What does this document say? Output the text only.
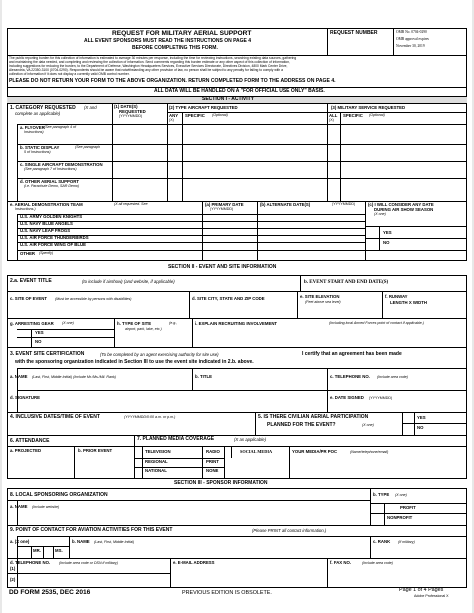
REQUEST FOR MILITARY AERIAL SUPPORT
ALL EVENT SPONSORS MUST READ THE INSTRUCTIONS ON PAGE 4
BEFORE COMPLETING THIS FORM.
REQUEST NUMBER	OMB No. 0704-0290
OMB approval expires
November 30, 2019
The public reporting burden for this collection of information is estimated to average 30 minutes per response, including the time for reviewing instructions, searching existing data sources, gathering
and maintaining the data needed, and completing and reviewing the collection of information. Send comments regarding this burden estimate or any other aspect of this collection of information,
including suggestions for reducing the burden, to the Department of Defense, Washington Headquarters Services, Executive Services Directorate, Directives Division, 4800 Mark Center Drive,
Alexandria, VA 22350-3100 (0704-0290). Respondents should be aware that notwithstanding any other provision of law, no person shall be subject to any penalty for failing to comply with a
collection of information if it does not display a currently valid OMB control number.
PLEASE DO NOT RETURN YOUR FORM TO THE ABOVE ORGANIZATION. RETURN COMPLETED FORM TO THE ADDRESS ON PAGE 4.
ALL DATA WILL BE HANDLED ON A "FOR OFFICIAL USE ONLY" BASIS.
SECTION I - ACTIVITY
1. CATEGORY REQUESTED (X and
complete as applicable)
(1) DATE(S)
REQUESTED
(YYYYMMDD)
(2) TYPE AIRCRAFT REQUESTED
ANY
(X)
SPECIFIC (Optional)
(3) MILITARY SERVICE REQUESTED
ALL
(X)
SPECIFIC (Optional)
a. FLYOVER (See paragraph 4 of
Instructions)
b. STATIC DISPLAY	(See paragraph
5 of Instructions)
c. SINGLE AIRCRAFT DEMONSTRATION
(See paragraph 7 of Instructions)
d. OTHER AERIAL SUPPORT
(i.e. Parachute Demo, SAR Demo)
e. AERIAL DEMONSTRATION TEAM	(X all requested. See
Instructions.)
(a) PRIMARY DATE
(YYYYMMDD)
(b) ALTERNATE DATE(S)	(YYYYMMDD)	(c) I WILL CONSIDER ANY DATE
DURING AIR SHOW SEASON
(X one)
YES
NO
U.S. ARMY GOLDEN KNIGHTS
U.S. NAVY BLUE ANGELS
U.S. NAVY LEAP FROGS
U.S. AIR FORCE THUNDERBIRDS
U.S. AIR FORCE WING OF BLUE
OTHER (Specify)
SECTION II - EVENT AND SITE INFORMATION
2.a. EVENT TITLE	(to include if airshow) (and website, if applicable)	b. EVENT START AND END DATE(S)
c. SITE OF EVENT (Must be accessible by persons with disabilities)	d. SITE CITY, STATE AND ZIP CODE	e. SITE ELEVATION
(Feet above sea level)
f. RUNWAY
LENGTH X WIDTH
g. ARRESTING GEAR (X one)
YES
NO
h. TYPE OF SITE	(e.g.,
airport, park, lake, etc.)
i. EXPLAIN RECRUITING INVOLVEMENT	(Including local Armed Forces point of contact if applicable.)
3. EVENT SITE CERTIFICATION	(To be completed by an agent exercising authority for site use)	I certify that an agreement has been made
with the sponsoring organization indicated in Section III to use the event site indicated in 2.b. above.
a. NAME (Last, First, Middle Initial) (Include Mr./Ms./Mil. Rank)	b. TITLE	c. TELEPHONE NO. (Include area code)
d. SIGNATURE	e. DATE SIGNED (YYYYMMDD)
4. INCLUSIVE DATES/TIME OF EVENT	(YYYYMMDD/0:00 a.m. or p.m.)	5. IS THERE CIVILIAN AERIAL PARTICIPATION
PLANNED FOR THE EVENT?	(X one)
YES
NO
6. ATTENDANCE	7. PLANNED MEDIA COVERAGE	(X as applicable)
a. PROJECTED	b. PRIOR EVENT	TELEVISION
REGIONAL
NATIONAL
RADIO	SOCIAL MEDIA
PRINT
NONE
YOUR MEDIA/PR POC	(Name/telephone/email)
SECTION III - SPONSOR INFORMATION
8. LOCAL SPONSORING ORGANIZATION	b. TYPE (X one)
a. NAME (Include website)	PROFIT
NONPROFIT
9. POINT OF CONTACT FOR AVIATION ACTIVITIES FOR THIS EVENT	(Please PRINT all contact information.)
a. (X one)	b. NAME (Last, First, Middle Initial)	c. RANK (If military)
MR.	MS.
d. TELEPHONE NO. (Include area code or DSN if military)
(1)
(2)
e. E-MAIL ADDRESS	f. FAX NO.	(Include area code)
DD FORM 2535, DEC 2016	PREVIOUS EDITION IS OBSOLETE.	Page 1 of 4 Pages
Adobe Professional X
